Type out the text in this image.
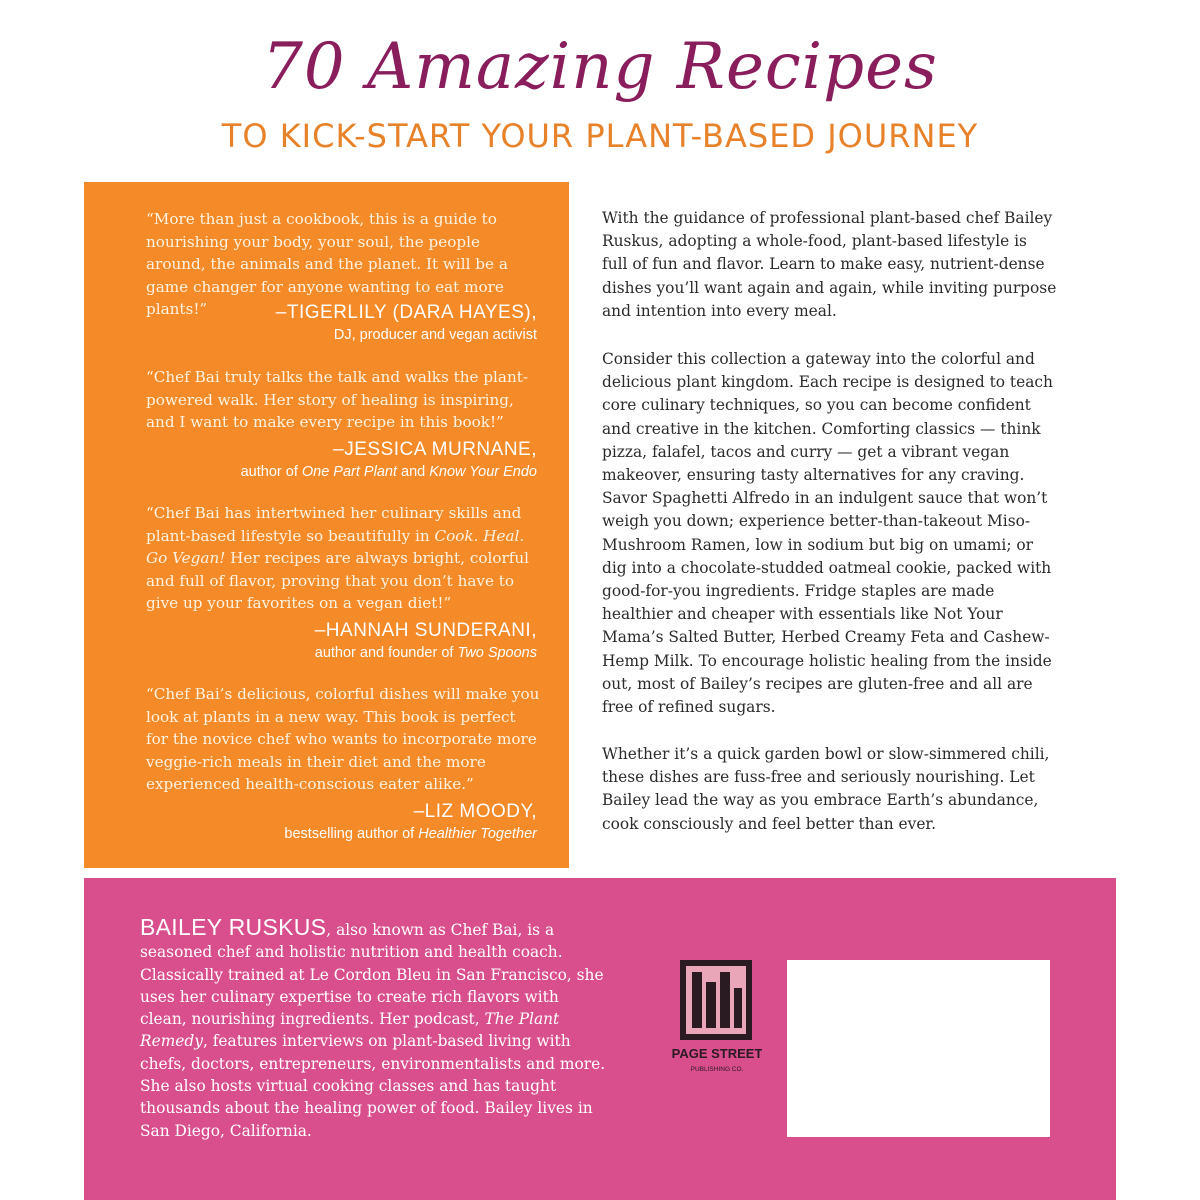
70 Amazing Recipes
TO KICK-START YOUR PLANT-BASED JOURNEY
“More than just a cookbook, this is a guide to nourishing your body, your soul, the people around, the animals and the planet. It will be a game changer for anyone wanting to eat more plants!”	–TIGERLILY (DARA HAYES),
DJ, producer and vegan activist
“Chef Bai truly talks the talk and walks the plant-powered walk. Her story of healing is inspiring, and I want to make every recipe in this book!”
–JESSICA MURNANE,
author of One Part Plant and Know Your Endo
“Chef Bai has intertwined her culinary skills and plant-based lifestyle so beautifully in Cook. Heal. Go Vegan! Her recipes are always bright, colorful and full of flavor, proving that you don’t have to give up your favorites on a vegan diet!”
–HANNAH SUNDERANI,
author and founder of Two Spoons
“Chef Bai’s delicious, colorful dishes will make you look at plants in a new way. This book is perfect for the novice chef who wants to incorporate more veggie-rich meals in their diet and the more experienced health-conscious eater alike.”
–LIZ MOODY,
bestselling author of Healthier Together

With the guidance of professional plant-based chef Bailey Ruskus, adopting a whole-food, plant-based lifestyle is full of fun and flavor. Learn to make easy, nutrient-dense dishes you’ll want again and again, while inviting purpose and intention into every meal.

Consider this collection a gateway into the colorful and delicious plant kingdom. Each recipe is designed to teach core culinary techniques, so you can become confident and creative in the kitchen. Comforting classics — think pizza, falafel, tacos and curry — get a vibrant vegan makeover, ensuring tasty alternatives for any craving. Savor Spaghetti Alfredo in an indulgent sauce that won’t weigh you down; experience better-than-takeout Miso-Mushroom Ramen, low in sodium but big on umami; or dig into a chocolate-studded oatmeal cookie, packed with good-for-you ingredients. Fridge staples are made healthier and cheaper with essentials like Not Your Mama’s Salted Butter, Herbed Creamy Feta and Cashew-Hemp Milk. To encourage holistic healing from the inside out, most of Bailey’s recipes are gluten-free and all are free of refined sugars.

Whether it’s a quick garden bowl or slow-simmered chili, these dishes are fuss-free and seriously nourishing. Let Bailey lead the way as you embrace Earth’s abundance, cook consciously and feel better than ever.

BAILEY RUSKUS, also known as Chef Bai, is a seasoned chef and holistic nutrition and health coach. Classically trained at Le Cordon Bleu in San Francisco, she uses her culinary expertise to create rich flavors with clean, nourishing ingredients. Her podcast, The Plant Remedy, features interviews on plant-based living with chefs, doctors, entrepreneurs, environmentalists and more. She also hosts virtual cooking classes and has taught thousands about the healing power of food. Bailey lives in San Diego, California.
PAGE STREET
PUBLISHING CO.
